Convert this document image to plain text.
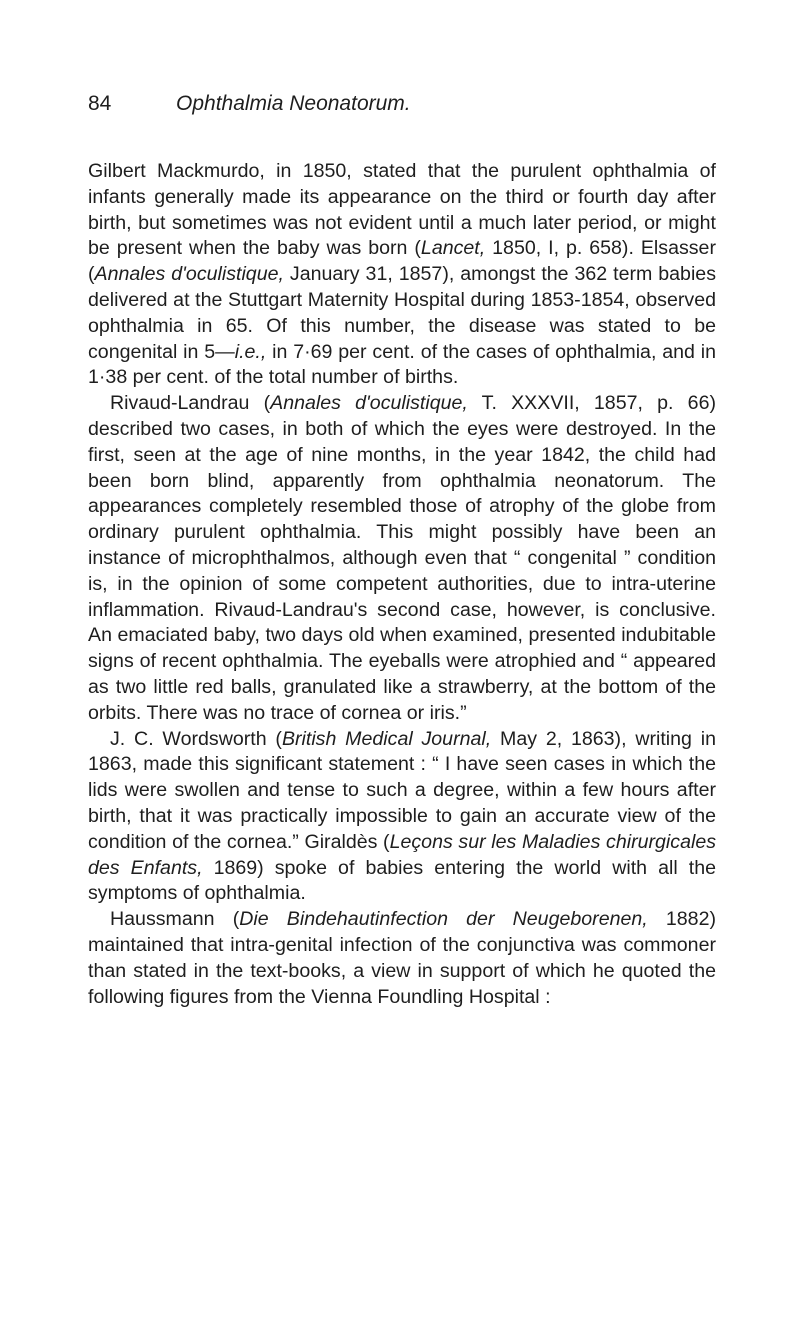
84	Ophthalmia Neonatorum.

Gilbert Mackmurdo, in 1850, stated that the purulent ophthalmia of infants generally made its appearance on the third or fourth day after birth, but sometimes was not evident until a much later period, or might be present when the baby was born (Lancet, 1850, I, p. 658). Elsasser (Annales d'oculistique, January 31, 1857), amongst the 362 term babies delivered at the Stuttgart Maternity Hospital during 1853-1854, observed ophthalmia in 65. Of this number, the disease was stated to be congenital in 5—i.e., in 7·69 per cent. of the cases of ophthalmia, and in 1·38 per cent. of the total number of births.

Rivaud-Landrau (Annales d'oculistique, T. XXXVII, 1857, p. 66) described two cases, in both of which the eyes were destroyed. In the first, seen at the age of nine months, in the year 1842, the child had been born blind, apparently from ophthalmia neonatorum. The appearances completely resembled those of atrophy of the globe from ordinary purulent ophthalmia. This might possibly have been an instance of microphthalmos, although even that “ congenital ” condition is, in the opinion of some competent authorities, due to intra-uterine inflammation. Rivaud-Landrau's second case, however, is conclusive. An emaciated baby, two days old when examined, presented indubitable signs of recent ophthalmia. The eyeballs were atrophied and “ appeared as two little red balls, granulated like a strawberry, at the bottom of the orbits. There was no trace of cornea or iris.”

J. C. Wordsworth (British Medical Journal, May 2, 1863), writing in 1863, made this significant statement : “ I have seen cases in which the lids were swollen and tense to such a degree, within a few hours after birth, that it was practically impossible to gain an accurate view of the condition of the cornea.” Giraldès (Leçons sur les Maladies chirurgicales des Enfants, 1869) spoke of babies entering the world with all the symptoms of ophthalmia.

Haussmann (Die Bindehautinfection der Neugeborenen, 1882) maintained that intra-genital infection of the conjunctiva was commoner than stated in the text-books, a view in support of which he quoted the following figures from the Vienna Foundling Hospital :
